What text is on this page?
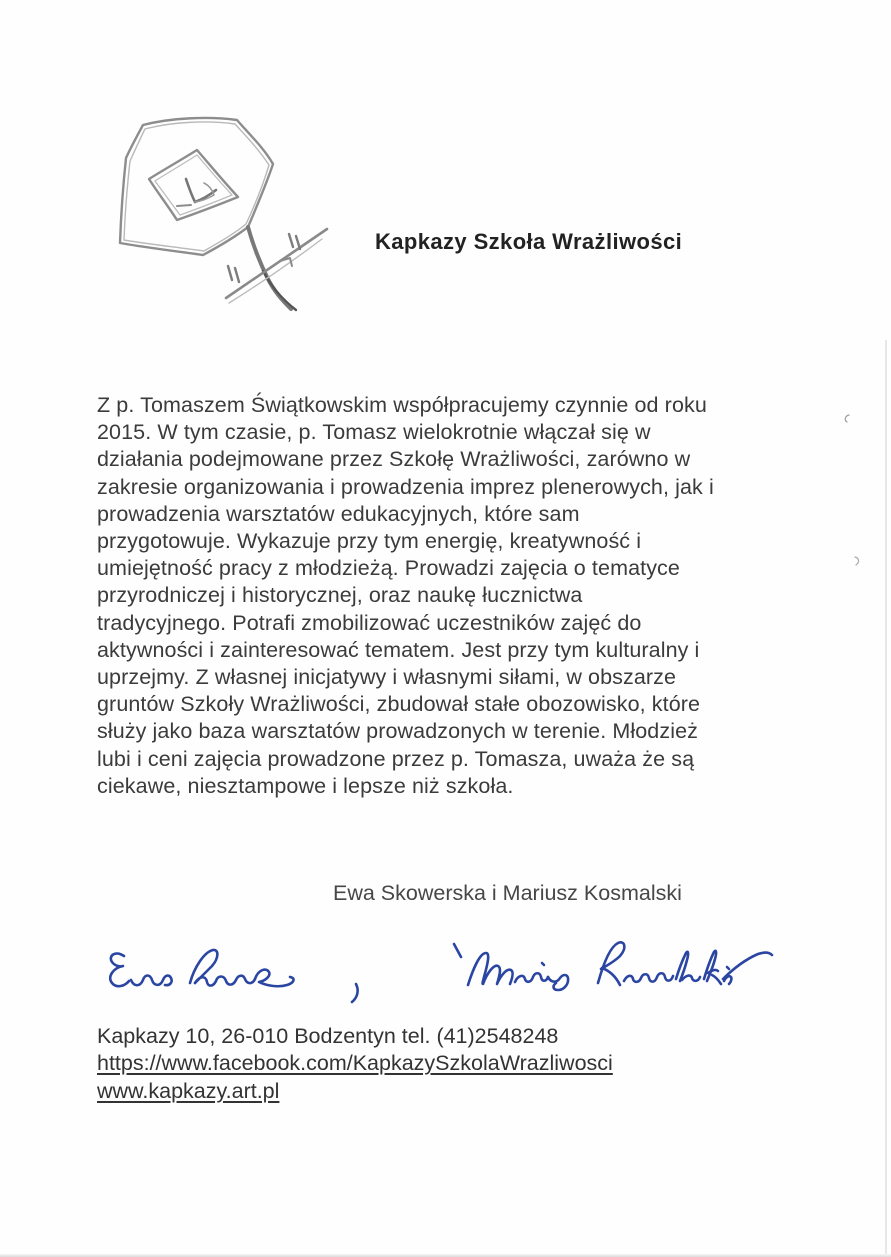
Kapkazy Szkoła Wrażliwości
Z p. Tomaszem Świątkowskim współpracujemy czynnie od roku
2015. W tym czasie, p. Tomasz wielokrotnie włączał się w
działania podejmowane przez Szkołę Wrażliwości, zarówno w
zakresie organizowania i prowadzenia imprez plenerowych, jak i
prowadzenia warsztatów edukacyjnych, które sam
przygotowuje. Wykazuje przy tym energię, kreatywność i
umiejętność pracy z młodzieżą. Prowadzi zajęcia o tematyce
przyrodniczej i historycznej, oraz naukę łucznictwa
tradycyjnego. Potrafi zmobilizować uczestników zajęć do
aktywności i zainteresować tematem. Jest przy tym kulturalny i
uprzejmy. Z własnej inicjatywy i własnymi siłami, w obszarze
gruntów Szkoły Wrażliwości, zbudował stałe obozowisko, które
służy jako baza warsztatów prowadzonych w terenie. Młodzież
lubi i ceni zajęcia prowadzone przez p. Tomasza, uważa że są
ciekawe, niesztampowe i lepsze niż szkoła.
Ewa Skowerska i Mariusz Kosmalski
Kapkazy 10, 26-010 Bodzentyn tel. (41)2548248
https://www.facebook.com/KapkazySzkolaWrazliwosci
www.kapkazy.art.pl
